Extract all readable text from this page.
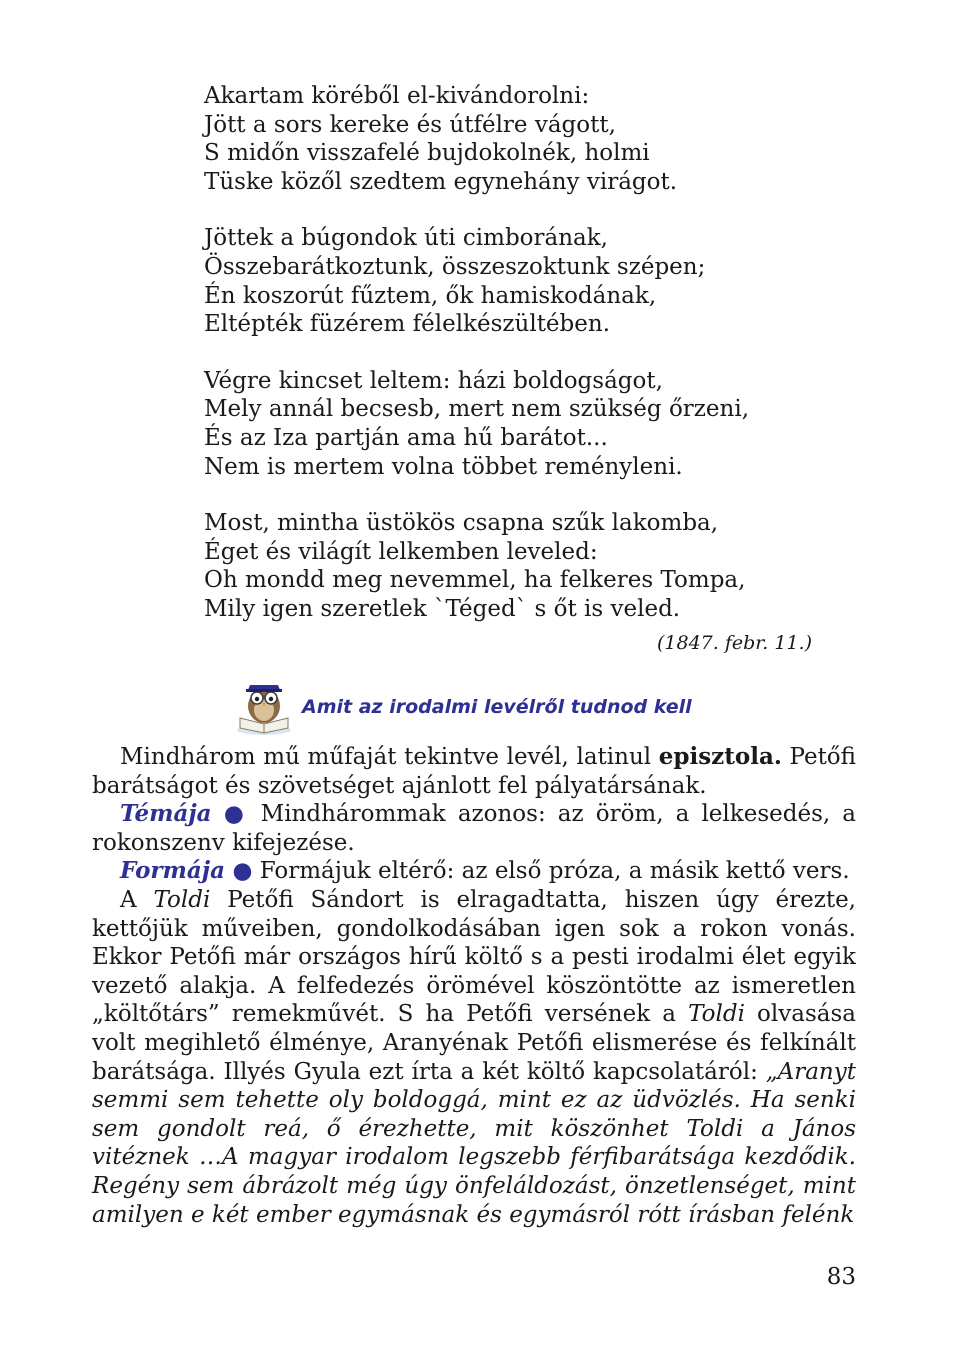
Akartam köréből el-kivándorolni:
Jött a sors kereke és útfélre vágott,
S midőn visszafelé bujdokolnék, holmi
Tüske közől szedtem egynehány virágot.
Jöttek a búgondok úti cimborának,
Összebarátkoztunk, összeszoktunk szépen;
Én koszorút fűztem, ők hamiskodának,
Eltépték füzérem félelkészültében.
Végre kincset leltem: házi boldogságot,
Mely annál becsesb, mert nem szükség őrzeni,
És az Iza partján ama hű barátot...
Nem is mertem volna többet reményleni.
Most, mintha üstökös csapna szűk lakomba,
Éget és világít lelkemben leveled:
Oh mondd meg nevemmel, ha felkeres Tompa,
Mily igen szeretlek `Téged` s őt is veled.
(1847. febr. 11.)
Amit az irodalmi levélről tudnod kell

Mindhárom mű műfaját tekintve levél, latinul episztola. Petőfi barátságot és szövetséget ajánlott fel pályatársának.

Témája ● Mindhárommak azonos: az öröm, a lelkesedés, a rokonszenv kifejezése.

Formája ● Formájuk eltérő: az első próza, a másik kettő vers.

A Toldi Petőfi Sándort is elragadtatta, hiszen úgy érezte, kettőjük műveiben, gondolkodásában igen sok a rokon vonás. Ekkor Petőfi már országos hírű költő s a pesti irodalmi élet egyik vezető alakja. A felfedezés örömével köszöntötte az ismeretlen „költőtárs” remekművét. S ha Petőfi versének a Toldi olvasása volt megihlető élménye, Aranyénak Petőfi elismerése és felkínált barátsága. Illyés Gyula ezt írta a két költő kapcsolatáról: „Aranyt semmi sem tehette oly boldoggá, mint ez az üdvözlés. Ha senki sem gondolt reá, ő érezhette, mit köszönhet Toldi a János vitéznek …A magyar irodalom legszebb férfibarátsága kezdődik. Regény sem ábrázolt még úgy önfeláldozást, önzetlenséget, mint amilyen e két ember egymásnak és egymásról rótt írásban felénk

83
